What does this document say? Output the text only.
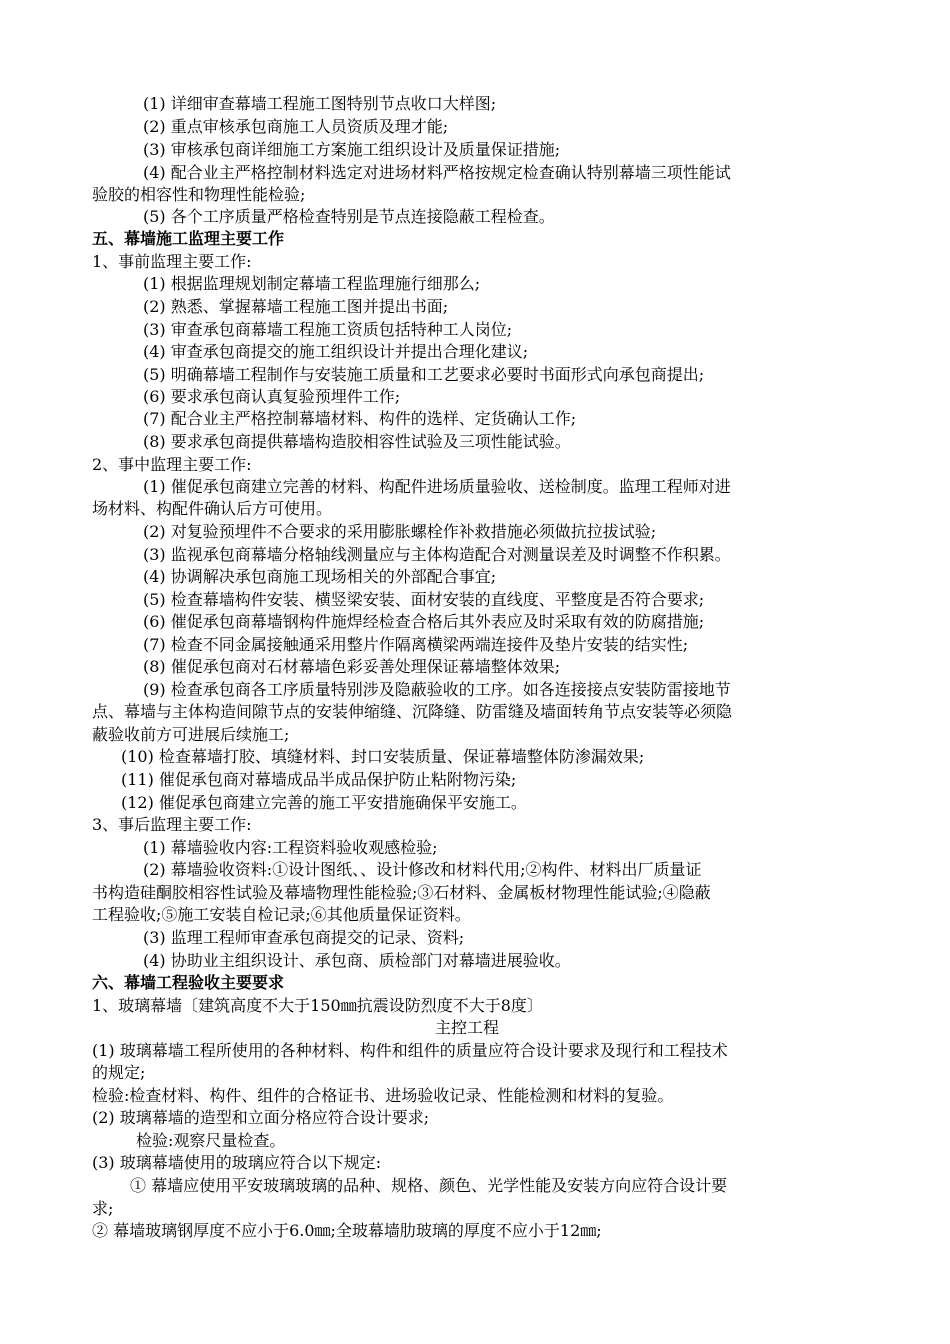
(1) 详细审查幕墙工程施工图特别节点收口大样图;
(2) 重点审核承包商施工人员资质及理才能;
(3) 审核承包商详细施工方案施工组织设计及质量保证措施;
(4) 配合业主严格控制材料选定对进场材料严格按规定检查确认特别幕墙三项性能试
验胶的相容性和物理性能检验;
(5) 各个工序质量严格检查特别是节点连接隐蔽工程检查。
五、幕墙施工监理主要工作
1、事前监理主要工作:
(1) 根据监理规划制定幕墙工程监理施行细那么;
(2) 熟悉、掌握幕墙工程施工图并提出书面;
(3) 审查承包商幕墙工程施工资质包括特种工人岗位;
(4) 审查承包商提交的施工组织设计并提出合理化建议;
(5) 明确幕墙工程制作与安装施工质量和工艺要求必要时书面形式向承包商提出;
(6) 要求承包商认真复验预埋件工作;
(7) 配合业主严格控制幕墙材料、构件的选样、定货确认工作;
(8) 要求承包商提供幕墙构造胶相容性试验及三项性能试验。
2、事中监理主要工作:
(1) 催促承包商建立完善的材料、构配件进场质量验收、送检制度。监理工程师对进
场材料、构配件确认后方可使用。
(2) 对复验预埋件不合要求的采用膨胀螺栓作补救措施必须做抗拉拔试验;
(3) 监视承包商幕墙分格轴线测量应与主体构造配合对测量误差及时调整不作积累。
(4) 协调解决承包商施工现场相关的外部配合事宜;
(5) 检查幕墙构件安装、横竖梁安装、面材安装的直线度、平整度是否符合要求;
(6) 催促承包商幕墙钢构件施焊经检查合格后其外表应及时采取有效的防腐措施;
(7) 检查不同金属接触通采用整片作隔离横梁两端连接件及垫片安装的结实性;
(8) 催促承包商对石材幕墙色彩妥善处理保证幕墙整体效果;
(9) 检查承包商各工序质量特别涉及隐蔽验收的工序。如各连接接点安装防雷接地节
点、幕墙与主体构造间隙节点的安装伸缩缝、沉降缝、防雷缝及墙面转角节点安装等必须隐
蔽验收前方可进展后续施工;
(10) 检查幕墙打胶、填缝材料、封口安装质量、保证幕墙整体防渗漏效果;
(11) 催促承包商对幕墙成品半成品保护防止粘附物污染;
(12) 催促承包商建立完善的施工平安措施确保平安施工。
3、事后监理主要工作:
(1) 幕墙验收内容:工程资料验收观感检验;
(2) 幕墙验收资料:①设计图纸、、设计修改和材料代用;②构件、材料出厂质量证
书构造硅酮胶相容性试验及幕墙物理性能检验;③石材料、金属板材物理性能试验;④隐蔽
工程验收;⑤施工安装自检记录;⑥其他质量保证资料。
(3) 监理工程师审查承包商提交的记录、资料;
(4) 协助业主组织设计、承包商、质检部门对幕墙进展验收。
六、幕墙工程验收主要要求
1、玻璃幕墙〔建筑高度不大于150㎜抗震设防烈度不大于8度〕
主控工程
(1) 玻璃幕墙工程所使用的各种材料、构件和组件的质量应符合设计要求及现行和工程技术
的规定;
检验:检查材料、构件、组件的合格证书、进场验收记录、性能检测和材料的复验。
(2) 玻璃幕墙的造型和立面分格应符合设计要求;
检验:观察尺量检查。
(3) 玻璃幕墙使用的玻璃应符合以下规定:
① 幕墙应使用平安玻璃玻璃的品种、规格、颜色、光学性能及安装方向应符合设计要
求;
② 幕墙玻璃钢厚度不应小于6.0㎜;全玻幕墙肋玻璃的厚度不应小于12㎜;
